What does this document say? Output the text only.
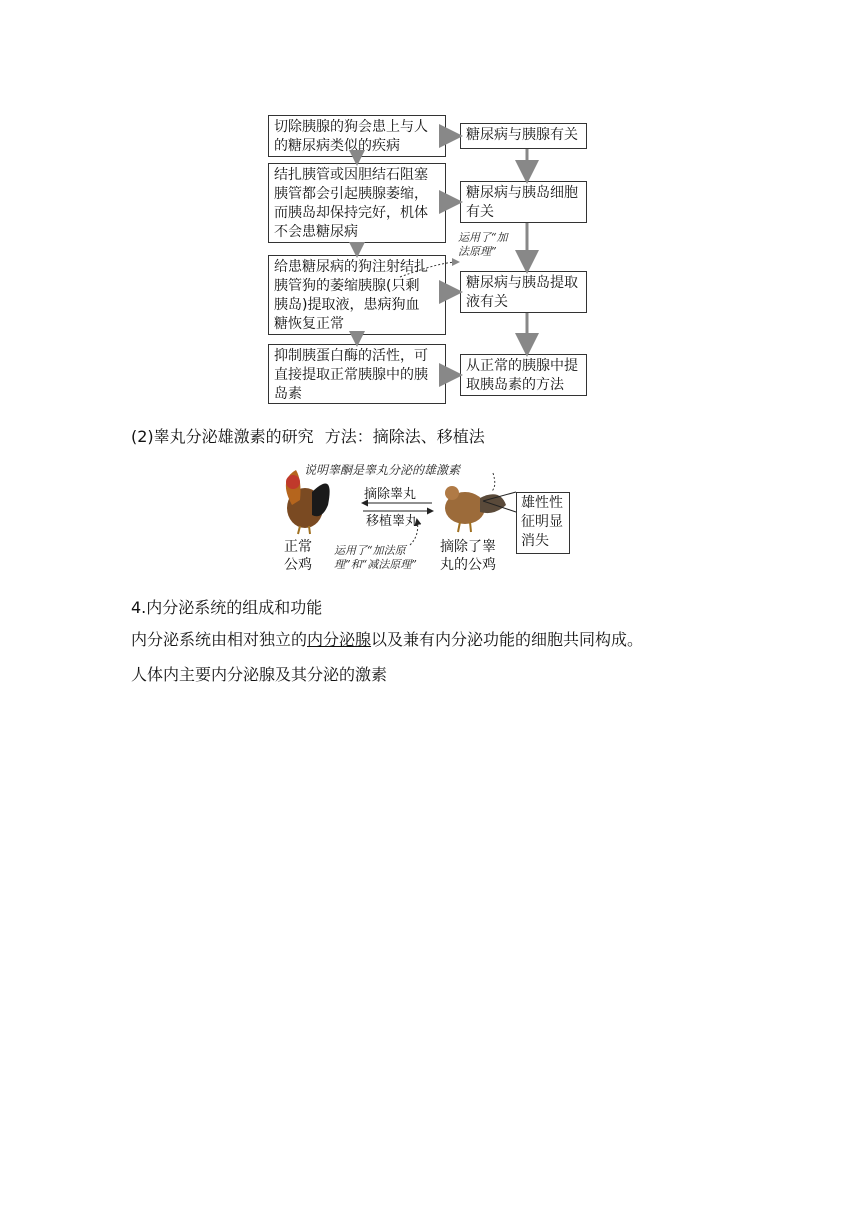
切除胰腺的狗会患上与人
的糖尿病类似的疾病
结扎胰管或因胆结石阻塞
胰管都会引起胰腺萎缩，
而胰岛却保持完好，机体
不会患糖尿病
给患糖尿病的狗注射结扎
胰管狗的萎缩胰腺(只剩
胰岛)提取液，患病狗血
糖恢复正常
抑制胰蛋白酶的活性，可
直接提取正常胰腺中的胰
岛素
糖尿病与胰腺有关
糖尿病与胰岛细胞
有关
糖尿病与胰岛提取
液有关
从正常的胰腺中提
取胰岛素的方法
运用了“加
法原理”
(2)睾丸分泌雄激素的研究 方法：摘除法、移植法
说明睾酮是睾丸分泌的雄激素
摘除睾丸
移植睾丸
正常
公鸡
摘除了睾
丸的公鸡
运用了“加法原
理”和“减法原理”
雄性性
征明显
消失
4.内分泌系统的组成和功能
内分泌系统由相对独立的内分泌腺以及兼有内分泌功能的细胞共同构成。
人体内主要内分泌腺及其分泌的激素
